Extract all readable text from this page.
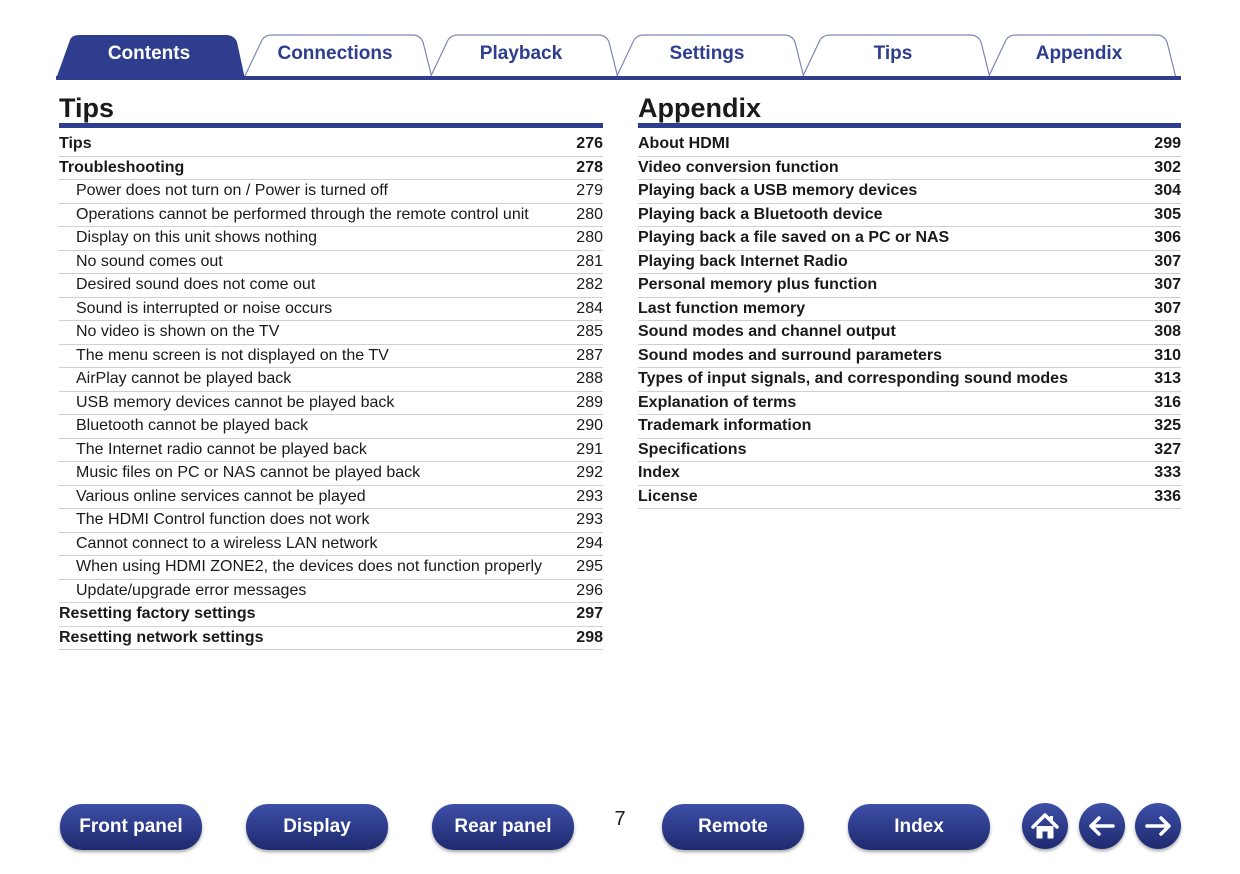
Contents	Connections	Playback	Settings	Tips	Appendix
Tips
Tips	276
Troubleshooting	278
Power does not turn on / Power is turned off	279
Operations cannot be performed through the remote control unit	280
Display on this unit shows nothing	280
No sound comes out	281
Desired sound does not come out	282
Sound is interrupted or noise occurs	284
No video is shown on the TV	285
The menu screen is not displayed on the TV	287
AirPlay cannot be played back	288
USB memory devices cannot be played back	289
Bluetooth cannot be played back	290
The Internet radio cannot be played back	291
Music files on PC or NAS cannot be played back	292
Various online services cannot be played	293
The HDMI Control function does not work	293
Cannot connect to a wireless LAN network	294
When using HDMI ZONE2, the devices does not function properly 295
Update/upgrade error messages	296
Resetting factory settings	297
Resetting network settings	298
Appendix
About HDMI	299
Video conversion function	302
Playing back a USB memory devices	304
Playing back a Bluetooth device	305
Playing back a file saved on a PC or NAS	306
Playing back Internet Radio	307
Personal memory plus function	307
Last function memory	307
Sound modes and channel output	308
Sound modes and surround parameters	310
Types of input signals, and corresponding sound modes	313
Explanation of terms	316
Trademark information	325
Specifications	327
Index	333
License	336
Front panel	Display	Rear panel	7	Remote	Index
